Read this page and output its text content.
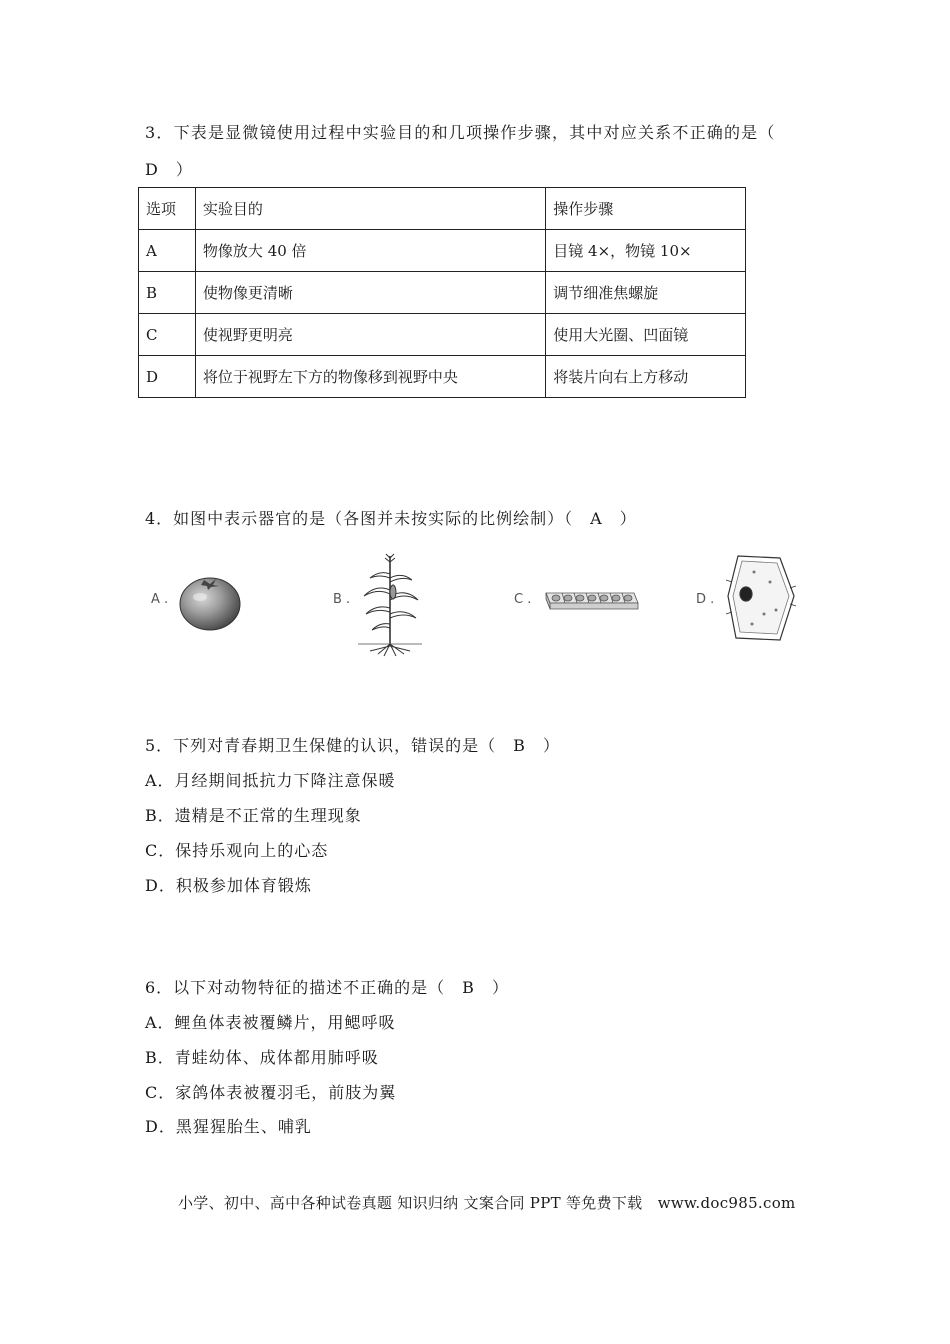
3．下表是显微镜使用过程中实验目的和几项操作步骤，其中对应关系不正确的是（
D　）
选项	实验目的	操作步骤
A	物像放大 40 倍	目镜 4×，物镜 10×
B	使物像更清晰	调节细准焦螺旋
C	使视野更明亮	使用大光圈、凹面镜
D	将位于视野左下方的物像移到视野中央	将装片向右上方移动
4．如图中表示器官的是（各图并未按实际的比例绘制）（　A　）
A .	B .	C .	D .
5．下列对青春期卫生保健的认识，错误的是（　B　）
A．月经期间抵抗力下降注意保暖
B．遗精是不正常的生理现象
C．保持乐观向上的心态
D．积极参加体育锻炼
6．以下对动物特征的描述不正确的是（　B　）
A．鲤鱼体表被覆鳞片，用鳃呼吸
B．青蛙幼体、成体都用肺呼吸
C．家鸽体表被覆羽毛，前肢为翼
D．黑猩猩胎生、哺乳
小学、初中、高中各种试卷真题 知识归纳 文案合同 PPT 等免费下载　www.doc985.com
